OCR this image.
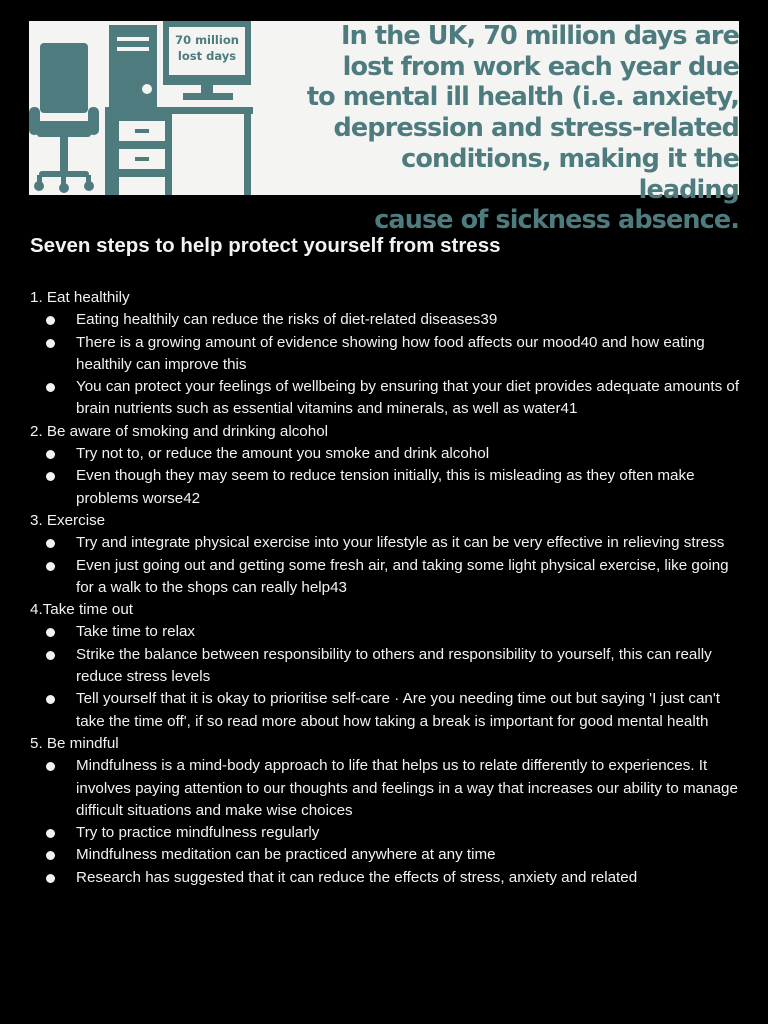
70 million
lost days
In the UK, 70 million days are
lost from work each year due
to mental ill health (i.e. anxiety,
depression and stress-related
conditions, making it the leading
cause of sickness absence.
Seven steps to help protect yourself from stress
1. Eat healthily
Eating healthily can reduce the risks of diet-related diseases39
There is a growing amount of evidence showing how food affects our mood40 and how eating healthily can improve this
You can protect your feelings of wellbeing by ensuring that your diet provides adequate amounts of brain nutrients such as essential vitamins and minerals, as well as water41
2. Be aware of smoking and drinking alcohol
Try not to, or reduce the amount you smoke and drink alcohol
Even though they may seem to reduce tension initially, this is misleading as they often make problems worse42
3. Exercise
Try and integrate physical exercise into your lifestyle as it can be very effective in relieving stress
Even just going out and getting some fresh air, and taking some light physical exercise, like going for a walk to the shops can really help43
4.Take time out
Take time to relax
Strike the balance between responsibility to others and responsibility to yourself, this can really reduce stress levels
Tell yourself that it is okay to prioritise self-care · Are you needing time out but saying 'I just can't take the time off', if so read more about how taking a break is important for good mental health
5. Be mindful
Mindfulness is a mind-body approach to life that helps us to relate differently to experiences. It involves paying attention to our thoughts and feelings in a way that increases our ability to manage difficult situations and make wise choices
Try to practice mindfulness regularly
Mindfulness meditation can be practiced anywhere at any time
Research has suggested that it can reduce the effects of stress, anxiety and related
